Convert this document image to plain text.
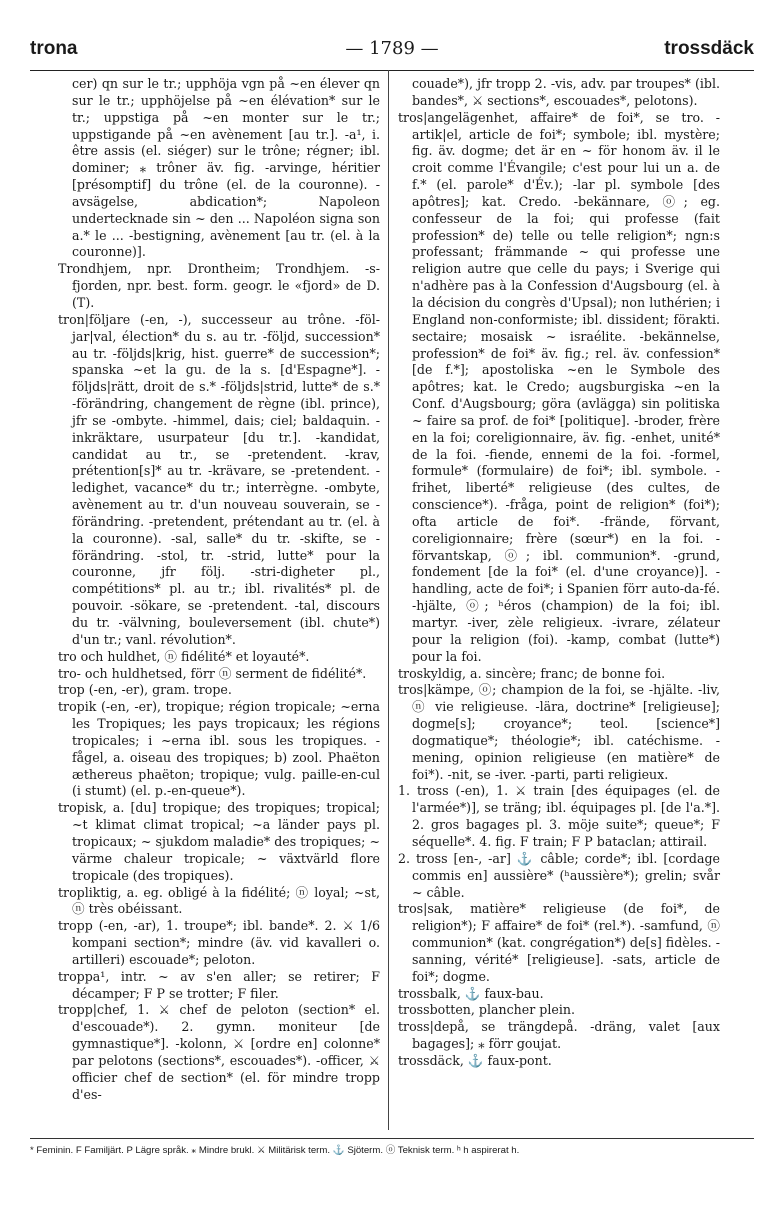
trona	— 1789 —	trossdäck

cer) qn sur le tr.; upphöja vgn på ~en élever qn sur le tr.; upphöjelse på ~en élévation* sur le tr.; uppstiga på ~en monter sur le tr.; uppstigande på ~en avènement [au tr.]. -a¹, i. être assis (el. siéger) sur le trône; régner; ibl. dominer; ⁎ trôner äv. fig. -arvinge, héritier [présomptif] du trône (el. de la couronne). -avsägelse, abdication*; Napoleon undertecknade sin ~ den ... Napoléon signa son a.* le ... -bestigning, avènement [au tr. (el. à la couronne)].

Trondhjem, npr. Drontheim; Trondhjem. -s-fjorden, npr. best. form. geogr. le «fjord» de D. (T).

tron|följare (-en, -), successeur au trône. -föl-jar|val, élection* du s. au tr. -följd, succession* au tr. -följds|krig, hist. guerre* de succession*; spanska ~et la gu. de la s. [d'Espagne*]. -följds|rätt, droit de s.* -följds|strid, lutte* de s.* -förändring, changement de règne (ibl. prince), jfr se -ombyte. -himmel, dais; ciel; baldaquin. -inkräktare, usurpateur [du tr.]. -kandidat, candidat au tr., se -pretendent. -krav, prétention[s]* au tr. -krävare, se -pretendent. -ledighet, vacance* du tr.; interrègne. -ombyte, avènement au tr. d'un nouveau souverain, se -förändring. -pretendent, prétendant au tr. (el. à la couronne). -sal, salle* du tr. -skifte, se -förändring. -stol, tr. -strid, lutte* pour la couronne, jfr följ. -stri-digheter pl., compétitions* pl. au tr.; ibl. rivalités* pl. de pouvoir. -sökare, se -pretendent. -tal, discours du tr. -välvning, bouleversement (ibl. chute*) d'un tr.; vanl. révolution*.

tro och huldhet, ⓝ fidélité* et loyauté*.

tro- och huldhetsed, förr ⓝ serment de fidélité*.

trop (-en, -er), gram. trope.

tropik (-en, -er), tropique; région tropicale; ~erna les Tropiques; les pays tropicaux; les régions tropicales; i ~erna ibl. sous les tropiques. -fågel, a. oiseau des tropiques; b) zool. Phaëton æthereus phaëton; tropique; vulg. paille-en-cul (i stumt) (el. p.-en-queue*).

tropisk, a. [du] tropique; des tropiques; tropical; ~t klimat climat tropical; ~a länder pays pl. tropicaux; ~ sjukdom maladie* des tropiques; ~ värme chaleur tropicale; ~ växtvärld flore tropicale (des tropiques).

tropliktig, a. eg. obligé à la fidélité; ⓝ loyal; ~st, ⓝ très obéissant.

tropp (-en, -ar), 1. troupe*; ibl. bande*. 2. ⚔ 1/6 kompani section*; mindre (äv. vid kavalleri o. artilleri) escouade*; peloton.

troppa¹, intr. ~ av s'en aller; se retirer; F décamper; F P se trotter; F filer.

tropp|chef, 1. ⚔ chef de peloton (section* el. d'escouade*). 2. gymn. moniteur [de gymnastique*]. -kolonn, ⚔ [ordre en] colonne* par pelotons (sections*, escouades*). -officer, ⚔ officier chef de section* (el. för mindre tropp d'es-

couade*), jfr tropp 2. -vis, adv. par troupes* (ibl. bandes*, ⚔ sections*, escouades*, pelotons).

tros|angelägenhet, affaire* de foi*, se tro. -artik|el, article de foi*; symbole; ibl. mystère; fig. äv. dogme; det är en ~ för honom äv. il le croit comme l'Évangile; c'est pour lui un a. de f.* (el. parole* d'Év.); -lar pl. symbole [des apôtres]; kat. Credo. -bekännare, ⓞ; eg. confesseur de la foi; qui professe (fait profession* de) telle ou telle religion*; ngn:s professant; främmande ~ qui professe une religion autre que celle du pays; i Sverige qui n'adhère pas à la Confession d'Augsbourg (el. à la décision du congrès d'Upsal); non luthérien; i England non-conformiste; ibl. dissident; förakti. sectaire; mosaisk ~ israélite. -bekännelse, profession* de foi* äv. fig.; rel. äv. confession* [de f.*]; apostoliska ~en le Symbole des apôtres; kat. le Credo; augsburgiska ~en la Conf. d'Augsbourg; göra (avlägga) sin politiska ~ faire sa prof. de foi* [politique]. -broder, frère en la foi; coreligionnaire, äv. fig. -enhet, unité* de la foi. -fiende, ennemi de la foi. -formel, formule* (formulaire) de foi*; ibl. symbole. -frihet, liberté* religieuse (des cultes, de conscience*). -fråga, point de religion* (foi*); ofta article de foi*. -frände, förvant, coreligionnaire; frère (sœur*) en la foi. -förvantskap, ⓞ; ibl. communion*. -grund, fondement [de la foi* (el. d'une croyance)]. -handling, acte de foi*; i Spanien förr auto-da-fé. -hjälte, ⓞ; ʰéros (champion) de la foi; ibl. martyr. -iver, zèle religieux. -ivrare, zélateur pour la religion (foi). -kamp, combat (lutte*) pour la foi.

troskyldig, a. sincère; franc; de bonne foi.

tros|kämpe, ⓞ; champion de la foi, se -hjälte. -liv, ⓝ vie religieuse. -lära, doctrine* [religieuse]; dogme[s]; croyance*; teol. [science*] dogmatique*; théologie*; ibl. catéchisme. -mening, opinion religieuse (en matière* de foi*). -nit, se -iver. -parti, parti religieux.

1. tross (-en), 1. ⚔ train [des équipages (el. de l'armée*)], se träng; ibl. équipages pl. [de l'a.*]. 2. gros bagages pl. 3. möje suite*; queue*; F séquelle*. 4. fig. F train; F P bataclan; attirail.

2. tross [en-, -ar] ⚓ câble; corde*; ibl. [cordage commis en] aussière* (ʰaussière*); grelin; svår ~ câble.

tros|sak, matière* religieuse (de foi*, de religion*); F affaire* de foi* (rel.*). -samfund, ⓝ communion* (kat. congrégation*) de[s] fidèles. -sanning, vérité* [religieuse]. -sats, article de foi*; dogme.

trossbalk, ⚓ faux-bau.

trossbotten, plancher plein.

tross|depå, se trängdepå. -dräng, valet [aux bagages]; ⁎ förr goujat.

trossdäck, ⚓ faux-pont.

* Feminin. F Familjärt. P Lägre språk. ⁎ Mindre brukl. ⚔ Militärisk term. ⚓ Sjöterm. ⓞ Teknisk term. ʰ h aspirerat h.
